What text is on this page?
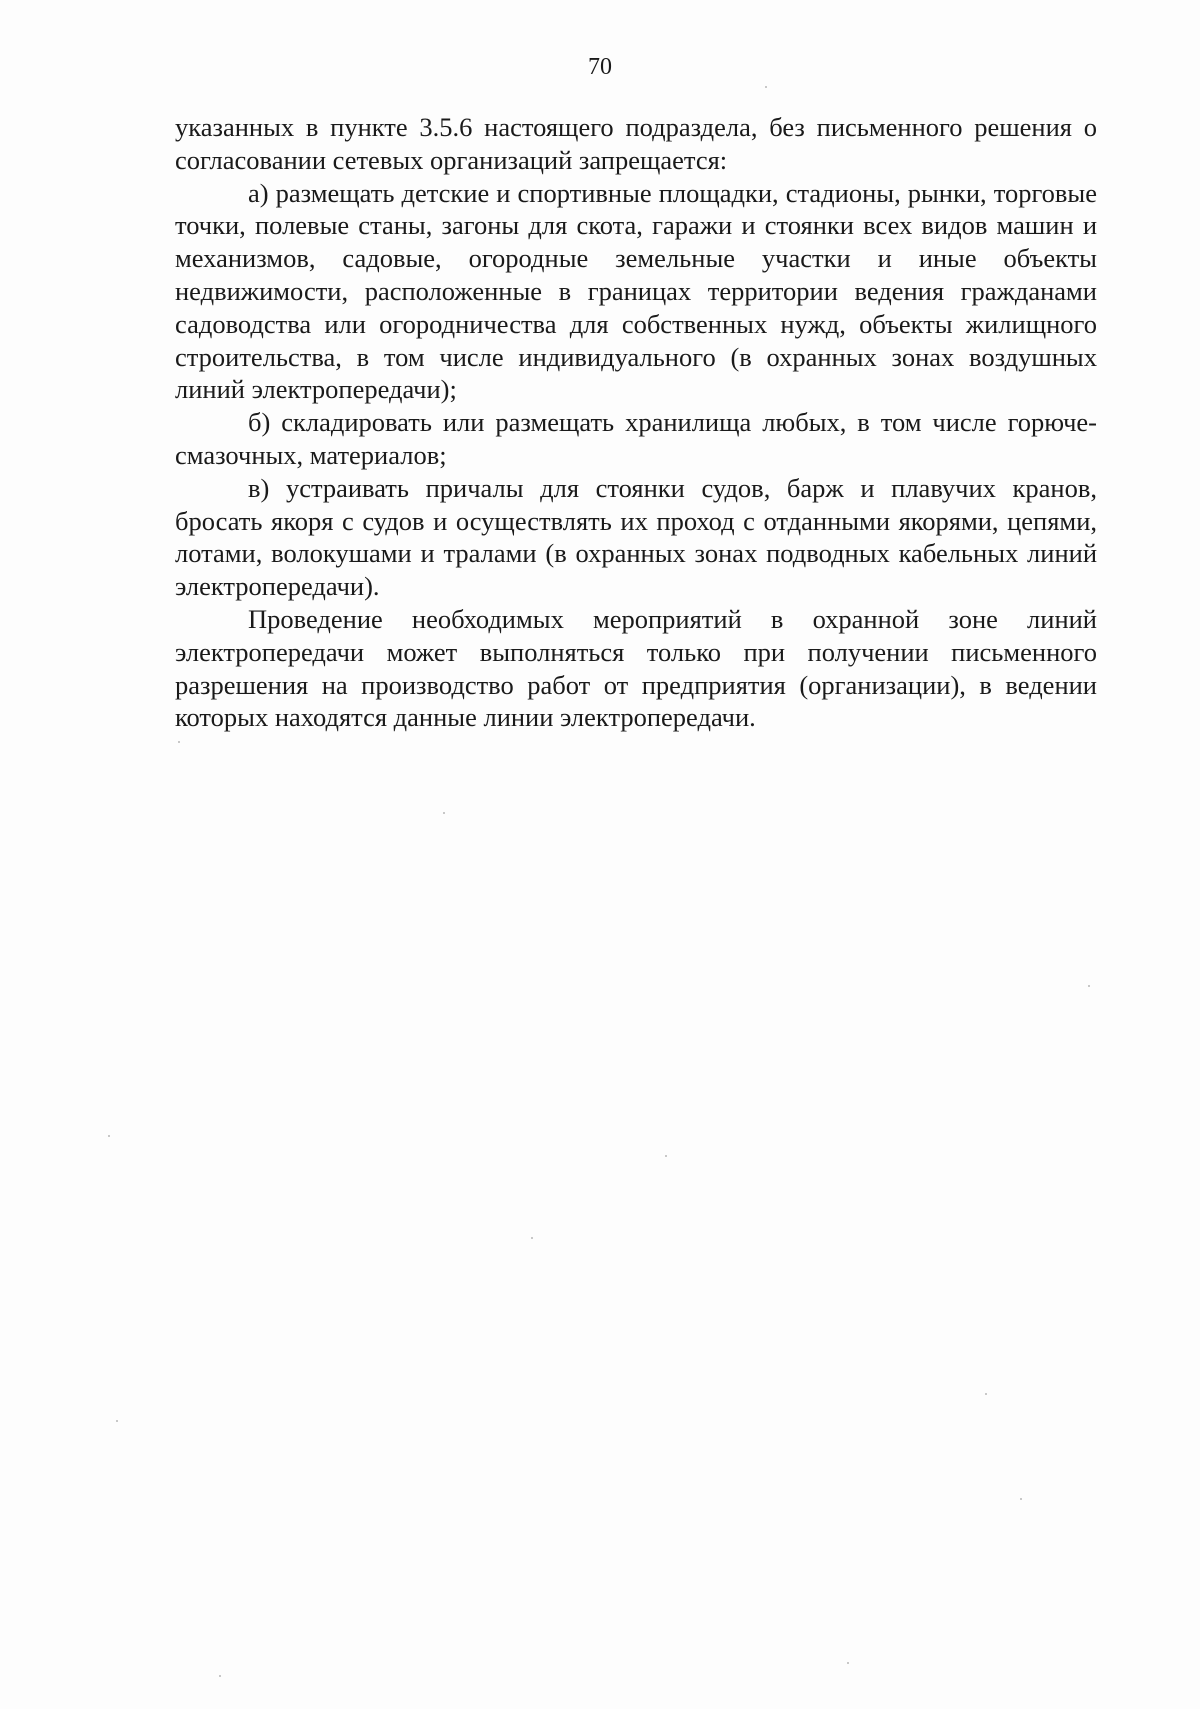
70

указанных в пункте 3.5.6 настоящего подраздела, без письменного решения о согласовании сетевых организаций запрещается:

а) размещать детские и спортивные площадки, стадионы, рынки, торговые точки, полевые станы, загоны для скота, гаражи и стоянки всех видов машин и механизмов, садовые, огородные земельные участки и иные объекты недвижимости, расположенные в границах территории ведения гражданами садоводства или огородничества для собственных нужд, объекты жилищного строительства, в том числе индивидуального (в охранных зонах воздушных линий электропередачи);

б) складировать или размещать хранилища любых, в том числе горюче-смазочных, материалов;

в) устраивать причалы для стоянки судов, барж и плавучих кранов, бросать якоря с судов и осуществлять их проход с отданными якорями, цепями, лотами, волокушами и тралами (в охранных зонах подводных кабельных линий электропередачи).

Проведение необходимых мероприятий в охранной зоне линий электропередачи может выполняться только при получении письменного разрешения на производство работ от предприятия (организации), в ведении которых находятся данные линии электропередачи.
